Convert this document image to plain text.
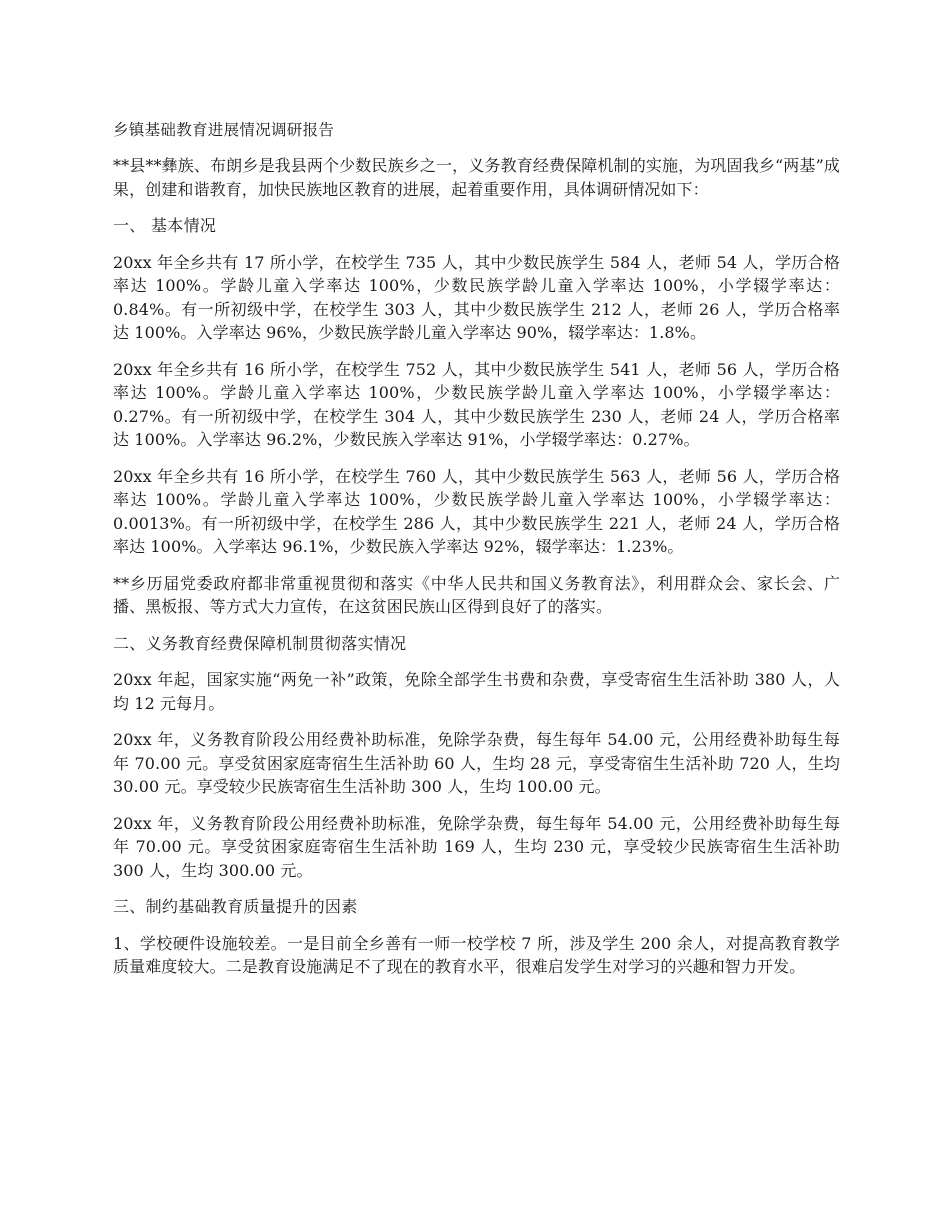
乡镇基础教育进展情况调研报告
**县**彝族、布朗乡是我县两个少数民族乡之一，义务教育经费保障机制的实施，为巩固我乡“两基”成果，创建和谐教育，加快民族地区教育的进展，起着重要作用，具体调研情况如下：
一、 基本情况
20xx 年全乡共有 17 所小学，在校学生 735 人，其中少数民族学生 584 人，老师 54 人，学历合格率达 100%。学龄儿童入学率达 100%，少数民族学龄儿童入学率达 100%，小学辍学率达：0.84%。有一所初级中学，在校学生 303 人，其中少数民族学生 212 人，老师 26 人，学历合格率达 100%。入学率达 96%，少数民族学龄儿童入学率达 90%，辍学率达：1.8%。
20xx 年全乡共有 16 所小学，在校学生 752 人，其中少数民族学生 541 人，老师 56 人，学历合格率达 100%。学龄儿童入学率达 100%，少数民族学龄儿童入学率达 100%，小学辍学率达：0.27%。有一所初级中学，在校学生 304 人，其中少数民族学生 230 人，老师 24 人，学历合格率达 100%。入学率达 96.2%，少数民族入学率达 91%，小学辍学率达：0.27%。
20xx 年全乡共有 16 所小学，在校学生 760 人，其中少数民族学生 563 人，老师 56 人，学历合格率达 100%。学龄儿童入学率达 100%，少数民族学龄儿童入学率达 100%，小学辍学率达：0.0013%。有一所初级中学，在校学生 286 人，其中少数民族学生 221 人，老师 24 人，学历合格率达 100%。入学率达 96.1%，少数民族入学率达 92%，辍学率达：1.23%。
**乡历届党委政府都非常重视贯彻和落实《中华人民共和国义务教育法》，利用群众会、家长会、广播、黑板报、等方式大力宣传，在这贫困民族山区得到良好了的落实。
二、义务教育经费保障机制贯彻落实情况
20xx 年起，国家实施“两免一补”政策，免除全部学生书费和杂费，享受寄宿生生活补助 380 人，人均 12 元每月。
20xx 年，义务教育阶段公用经费补助标准，免除学杂费，每生每年 54.00 元，公用经费补助每生每年 70.00 元。享受贫困家庭寄宿生生活补助 60 人，生均 28 元，享受寄宿生生活补助 720 人，生均 30.00 元。享受较少民族寄宿生生活补助 300 人，生均 100.00 元。
20xx 年，义务教育阶段公用经费补助标准，免除学杂费，每生每年 54.00 元，公用经费补助每生每年 70.00 元。享受贫困家庭寄宿生生活补助 169 人，生均 230 元，享受较少民族寄宿生生活补助 300 人，生均 300.00 元。
三、制约基础教育质量提升的因素
1、学校硬件设施较差。一是目前全乡善有一师一校学校 7 所，涉及学生 200 余人，对提高教育教学质量难度较大。二是教育设施满足不了现在的教育水平，很难启发学生对学习的兴趣和智力开发。
